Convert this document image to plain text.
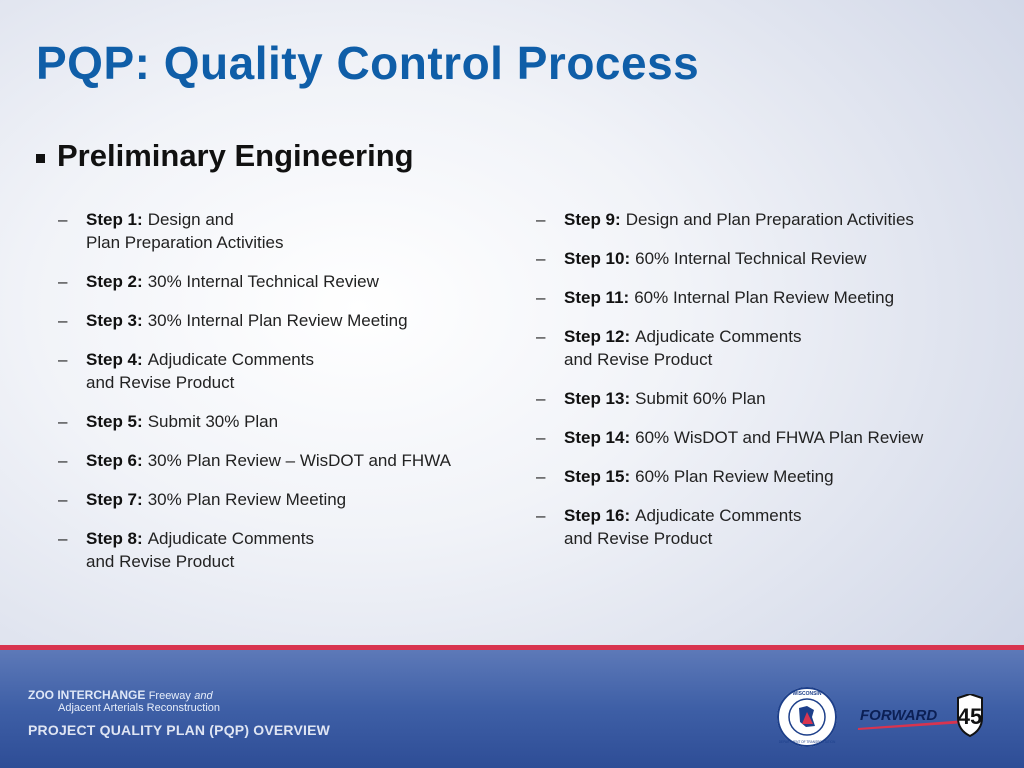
PQP: Quality Control Process
Preliminary Engineering
–	Step 1: Design and
Plan Preparation Activities
–	Step 2: 30% Internal Technical Review
–	Step 3: 30% Internal Plan Review Meeting
–	Step 4: Adjudicate Comments
and Revise Product
–	Step 5: Submit 30% Plan
–	Step 6: 30% Plan Review – WisDOT and FHWA
–	Step 7: 30% Plan Review Meeting
–	Step 8: Adjudicate Comments
and Revise Product
–	Step 9: Design and Plan Preparation Activities
–	Step 10: 60% Internal Technical Review
–	Step 11: 60% Internal Plan Review Meeting
–	Step 12: Adjudicate Comments
and Revise Product
–	Step 13: Submit 60% Plan
–	Step 14: 60% WisDOT and FHWA Plan Review
–	Step 15: 60% Plan Review Meeting
–	Step 16: Adjudicate Comments
and Revise Product
ZOO INTERCHANGE Freeway and
Adjacent Arterials Reconstruction
PROJECT QUALITY PLAN (PQP) OVERVIEW
WISCONSIN
DEPARTMENT OF TRANSPORTATION
FORWARD 45
